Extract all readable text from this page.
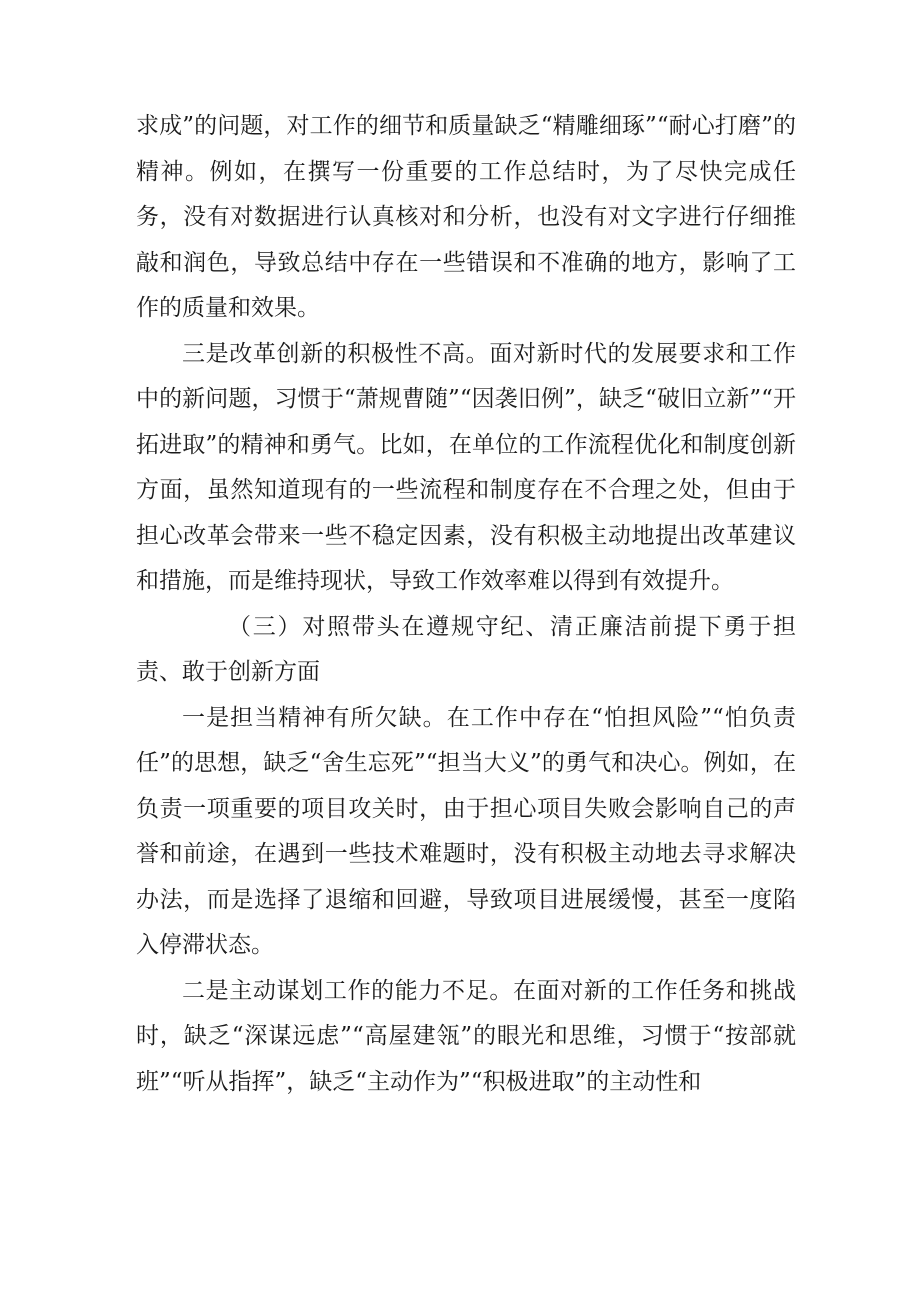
求成”的问题，对工作的细节和质量缺乏“精雕细琢”“耐心打磨”的精神。例如，在撰写一份重要的工作总结时，为了尽快完成任务，没有对数据进行认真核对和分析，也没有对文字进行仔细推敲和润色，导致总结中存在一些错误和不准确的地方，影响了工作的质量和效果。

三是改革创新的积极性不高。面对新时代的发展要求和工作中的新问题，习惯于“萧规曹随”“因袭旧例”，缺乏“破旧立新”“开拓进取”的精神和勇气。比如，在单位的工作流程优化和制度创新方面，虽然知道现有的一些流程和制度存在不合理之处，但由于担心改革会带来一些不稳定因素，没有积极主动地提出改革建议和措施，而是维持现状，导致工作效率难以得到有效提升。

（三）对照带头在遵规守纪、清正廉洁前提下勇于担责、敢于创新方面

一是担当精神有所欠缺。在工作中存在“怕担风险”“怕负责任”的思想，缺乏“舍生忘死”“担当大义”的勇气和决心。例如，在负责一项重要的项目攻关时，由于担心项目失败会影响自己的声誉和前途，在遇到一些技术难题时，没有积极主动地去寻求解决办法，而是选择了退缩和回避，导致项目进展缓慢，甚至一度陷入停滞状态。

二是主动谋划工作的能力不足。在面对新的工作任务和挑战时，缺乏“深谋远虑”“高屋建瓴”的眼光和思维，习惯于“按部就班”“听从指挥”，缺乏“主动作为”“积极进取”的主动性和
